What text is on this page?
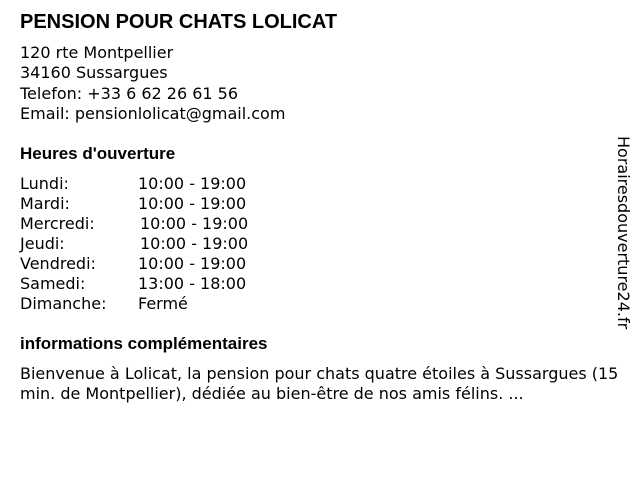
PENSION POUR CHATS LOLICAT
120 rte Montpellier
34160 Sussargues
Telefon: +33 6 62 26 61 56
Email: pensionlolicat@gmail.com
Heures d'ouverture
Lundi:	10:00 - 19:00
Mardi:	10:00 - 19:00
Mercredi:	10:00 - 19:00
Jeudi:	10:00 - 19:00
Vendredi:	10:00 - 19:00
Samedi:	13:00 - 18:00
Dimanche: Fermé
informations complémentaires
Bienvenue à Lolicat, la pension pour chats quatre étoiles à Sussargues (15 min. de Montpellier), dédiée au bien-être de nos amis félins. ...
Horairesdouverture24.fr
